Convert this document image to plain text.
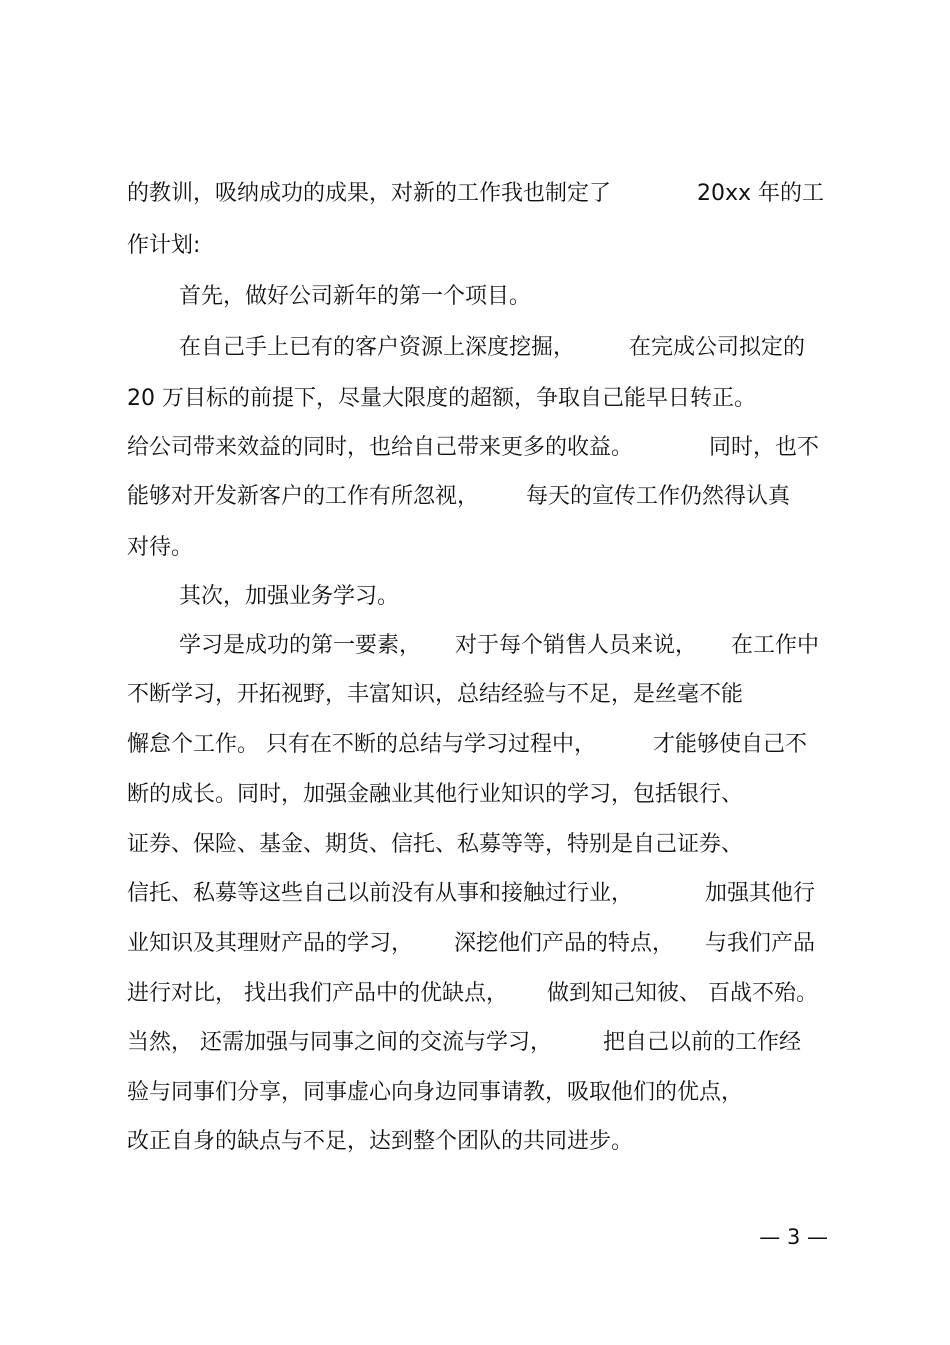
的教训，吸纳成功的成果，对新的工作我也制定了	20xx 年的工
作计划:
首先，做好公司新年的第一个项目。
在自己手上已有的客户资源上深度挖掘， 在完成公司拟定的
20 万目标的前提下，尽量大限度的超额，争取自己能早日转正。
给公司带来效益的同时，也给自己带来更多的收益。	同时，也不
能够对开发新客户的工作有所忽视， 每天的宣传工作仍然得认真
对待。
其次，加强业务学习。
学习是成功的第一要素， 对于每个销售人员来说， 在工作中
不断学习，开拓视野，丰富知识，总结经验与不足，是丝毫不能
懈怠个工作。 只有在不断的总结与学习过程中，	才能够使自己不
断的成长。同时，加强金融业其他行业知识的学习，包括银行、
证券、保险、基金、期货、信托、私募等等，特别是自己证券、
信托、私募等这些自己以前没有从事和接触过行业，	加强其他行
业知识及其理财产品的学习， 深挖他们产品的特点， 与我们产品
进行对比， 找出我们产品中的优缺点， 做到知己知彼、 百战不殆。
当然， 还需加强与同事之间的交流与学习， 把自己以前的工作经
验与同事们分享，同事虚心向身边同事请教，吸取他们的优点，
改正自身的缺点与不足，达到整个团队的共同进步。
— 3 —
